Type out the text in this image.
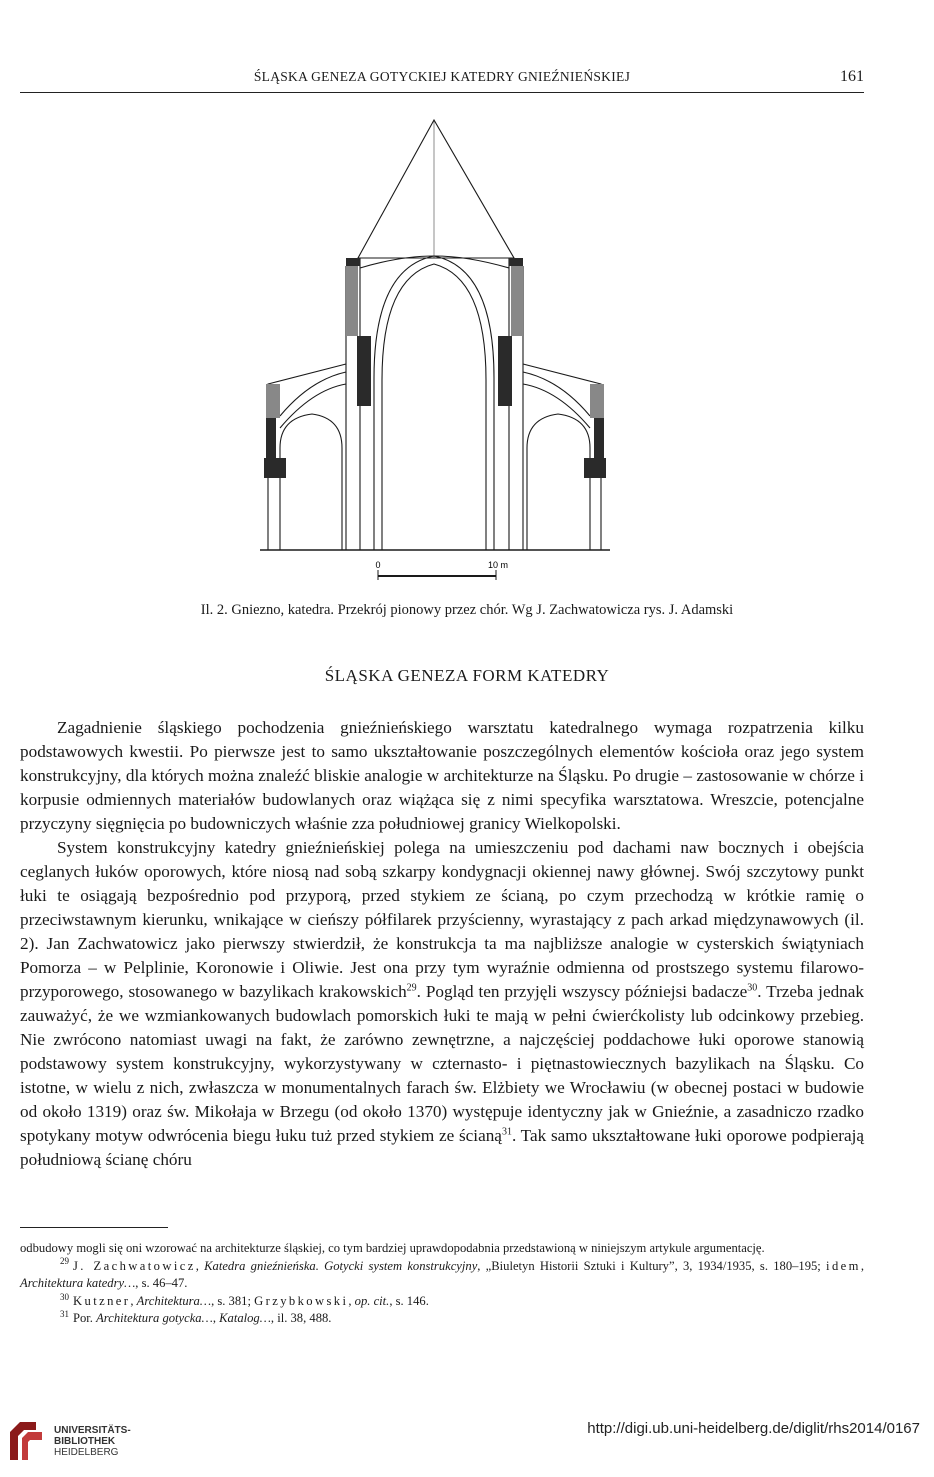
ŚLĄSKA GENEZA GOTYCKIEJ KATEDRY GNIEŹNIEŃSKIEJ	161
0	10 m
Il. 2. Gniezno, katedra. Przekrój pionowy przez chór. Wg J. Zachwatowicza rys. J. Adamski
ŚLĄSKA GENEZA FORM KATEDRY

Zagadnienie śląskiego pochodzenia gnieźnieńskiego warsztatu katedralnego wymaga rozpatrzenia kilku podstawowych kwestii. Po pierwsze jest to samo ukształtowanie poszczególnych elementów kościoła oraz jego system konstrukcyjny, dla których można znaleźć bliskie analogie w architekturze na Śląsku. Po drugie – zastosowanie w chórze i korpusie odmiennych materiałów budowlanych oraz wiążąca się z nimi specyfika warsztatowa. Wreszcie, potencjalne przyczyny sięgnięcia po budowniczych właśnie zza południowej granicy Wielkopolski.

System konstrukcyjny katedry gnieźnieńskiej polega na umieszczeniu pod dachami naw bocznych i obejścia ceglanych łuków oporowych, które niosą nad sobą szkarpy kondygnacji okiennej nawy głównej. Swój szczytowy punkt łuki te osiągają bezpośrednio pod przyporą, przed stykiem ze ścianą, po czym przechodzą w krótkie ramię o przeciwstawnym kierunku, wnikające w cieńszy półfilarek przyścienny, wyrastający z pach arkad międzynawowych (il. 2). Jan Zachwatowicz jako pierwszy stwierdził, że konstrukcja ta ma najbliższe analogie w cysterskich świątyniach Pomorza – w Pelplinie, Koronowie i Oliwie. Jest ona przy tym wyraźnie odmienna od prostszego systemu filarowo-przyporowego, stosowanego w bazylikach krakowskich$^{29}$. Pogląd ten przyjęli wszyscy późniejsi badacze$^{30}$. Trzeba jednak zauważyć, że we wzmiankowanych budowlach pomorskich łuki te mają w pełni ćwierćkolisty lub odcinkowy przebieg. Nie zwrócono natomiast uwagi na fakt, że zarówno zewnętrzne, a najczęściej poddachowe łuki oporowe stanowią podstawowy system konstrukcyjny, wykorzystywany w czternasto- i piętnastowiecznych bazylikach na Śląsku. Co istotne, w wielu z nich, zwłaszcza w monumentalnych farach św. Elżbiety we Wrocławiu (w obecnej postaci w budowie od około 1319) oraz św. Mikołaja w Brzegu (od około 1370) występuje identyczny jak w Gnieźnie, a zasadniczo rzadko spotykany motyw odwrócenia biegu łuku tuż przed stykiem ze ścianą$^{31}$. Tak samo ukształtowane łuki oporowe podpierają południową ścianę chóru

odbudowy mogli się oni wzorować na architekturze śląskiej, co tym bardziej uprawdopodabnia przedstawioną w niniejszym artykule argumentację.

$^{29}$ J. Zachwatowicz, Katedra gnieźnieńska. Gotycki system konstrukcyjny, „Biuletyn Historii Sztuki i Kultury”, 3, 1934/1935, s. 180–195; idem, Architektura katedry…, s. 46–47.

$^{30}$ Kutzner, Architektura…, s. 381; Grzybkowski, op. cit., s. 146.

$^{31}$ Por. Architektura gotycka…, Katalog…, il. 38, 488.

UNIVERSITÄTS-
BIBLIOTHEK
HEIDELBERG
http://digi.ub.uni-heidelberg.de/diglit/rhs2014/0167
